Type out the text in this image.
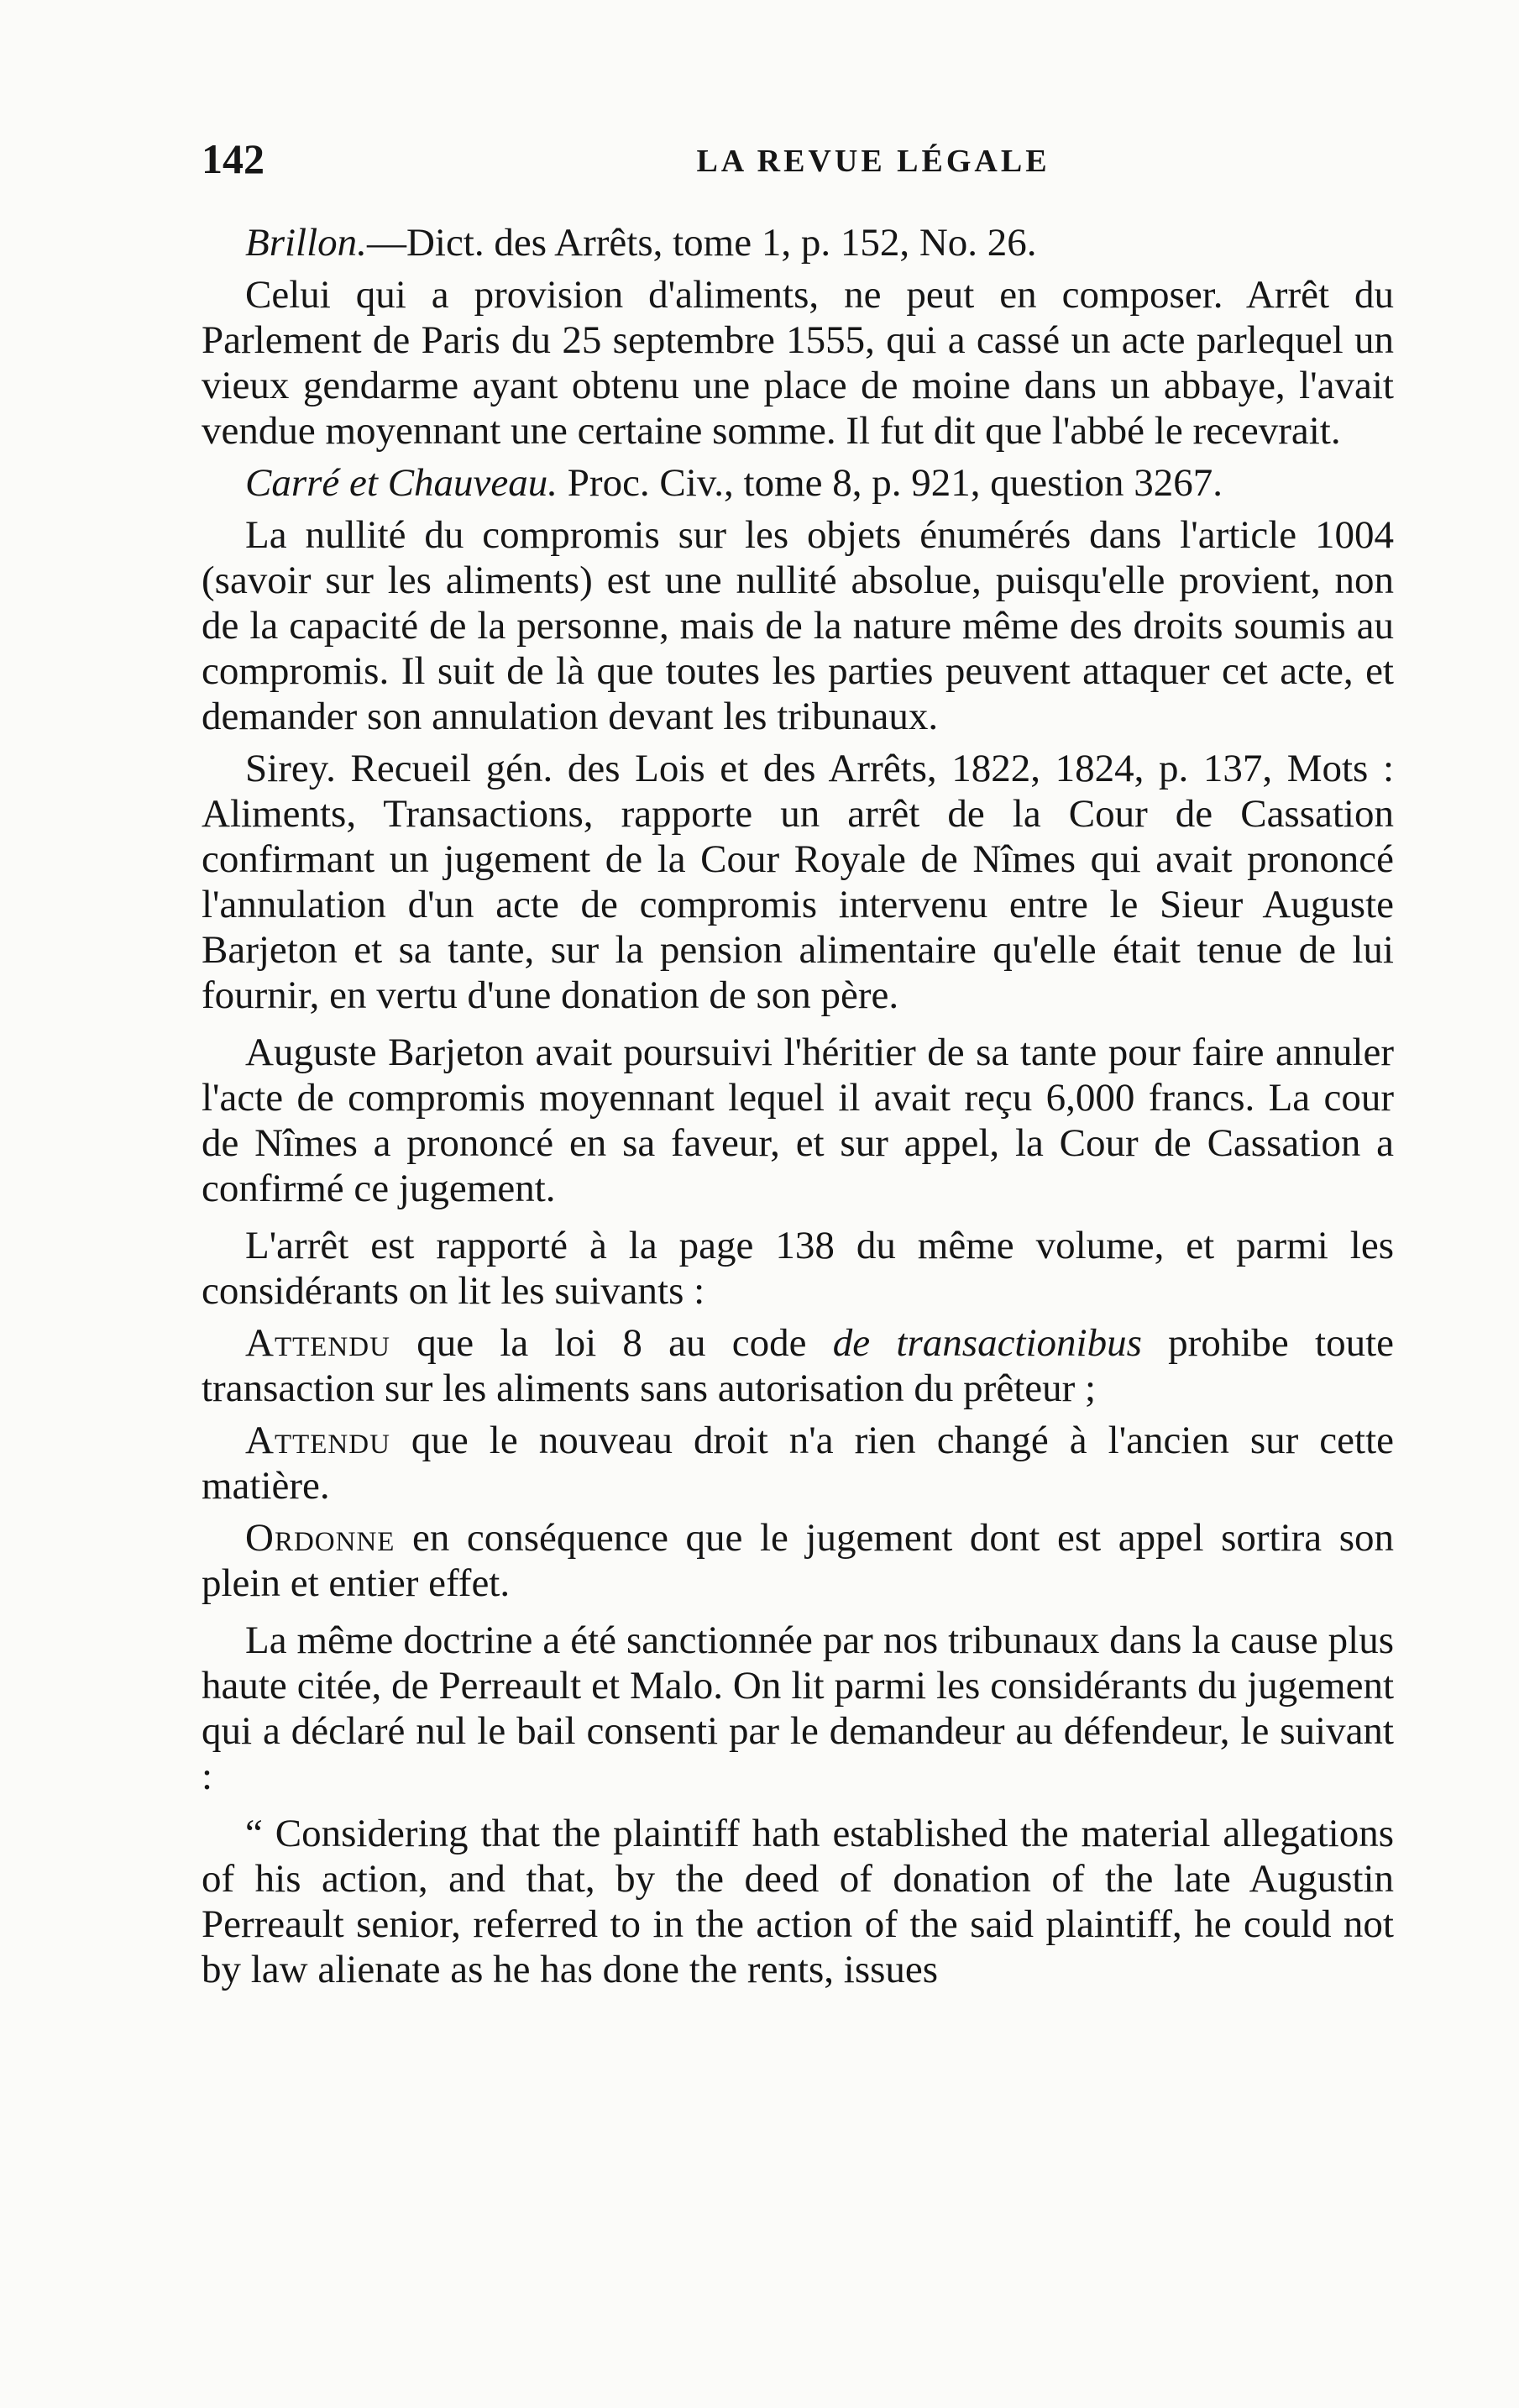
142	LA REVUE LÉGALE

Brillon.—Dict. des Arrêts, tome 1, p. 152, No. 26.

Celui qui a provision d'aliments, ne peut en composer. Arrêt du Parlement de Paris du 25 septembre 1555, qui a cassé un acte parlequel un vieux gendarme ayant obtenu une place de moine dans un abbaye, l'avait vendue moyennant une certaine somme. Il fut dit que l'abbé le recevrait.

Carré et Chauveau. Proc. Civ., tome 8, p. 921, question 3267.

La nullité du compromis sur les objets énumérés dans l'article 1004 (savoir sur les aliments) est une nullité absolue, puisqu'elle provient, non de la capacité de la personne, mais de la nature même des droits soumis au compromis. Il suit de là que toutes les parties peuvent attaquer cet acte, et demander son annulation devant les tribunaux.

Sirey. Recueil gén. des Lois et des Arrêts, 1822, 1824, p. 137, Mots : Aliments, Transactions, rapporte un arrêt de la Cour de Cassation confirmant un jugement de la Cour Royale de Nîmes qui avait prononcé l'annulation d'un acte de compromis intervenu entre le Sieur Auguste Barjeton et sa tante, sur la pension alimentaire qu'elle était tenue de lui fournir, en vertu d'une donation de son père.

Auguste Barjeton avait poursuivi l'héritier de sa tante pour faire annuler l'acte de compromis moyennant lequel il avait reçu 6,000 francs. La cour de Nîmes a prononcé en sa faveur, et sur appel, la Cour de Cassation a confirmé ce jugement.

L'arrêt est rapporté à la page 138 du même volume, et parmi les considérants on lit les suivants :

Attendu que la loi 8 au code de transactionibus prohibe toute transaction sur les aliments sans autorisation du prêteur ;

Attendu que le nouveau droit n'a rien changé à l'ancien sur cette matière.

Ordonne en conséquence que le jugement dont est appel sortira son plein et entier effet.

La même doctrine a été sanctionnée par nos tribunaux dans la cause plus haute citée, de Perreault et Malo. On lit parmi les considérants du jugement qui a déclaré nul le bail consenti par le demandeur au défendeur, le suivant :

“ Considering that the plaintiff hath established the material allegations of his action, and that, by the deed of donation of the late Augustin Perreault senior, referred to in the action of the said plaintiff, he could not by law alienate as he has done the rents, issues
